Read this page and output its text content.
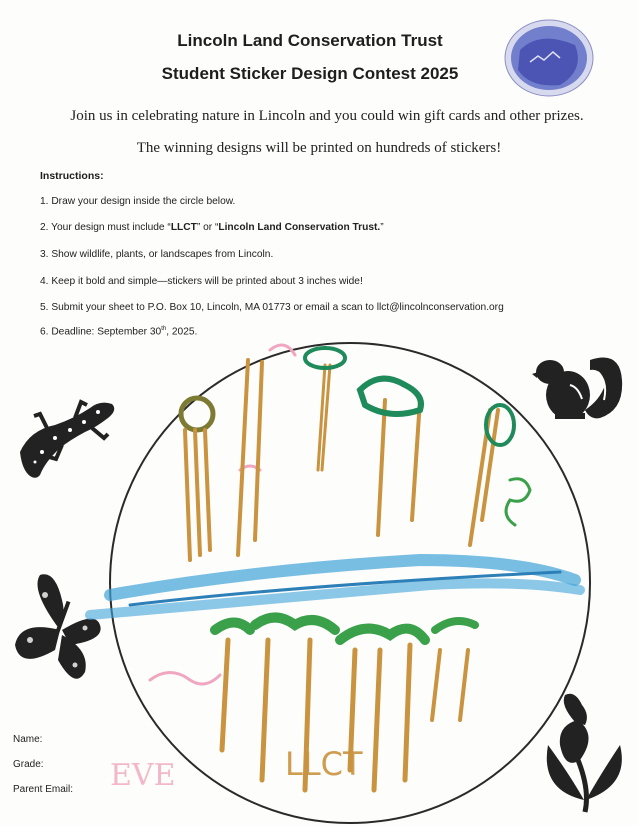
Lincoln Land Conservation Trust
Student Sticker Design Contest 2025
Join us in celebrating nature in Lincoln and you could win gift cards and other prizes.
The winning designs will be printed on hundreds of stickers!
Instructions:
1. Draw your design inside the circle below.
2. Your design must include “LLCT” or “Lincoln Land Conservation Trust.”
3. Show wildlife, plants, or landscapes from Lincoln.
4. Keep it bold and simple—stickers will be printed about 3 inches wide!
5. Submit your sheet to P.O. Box 10, Lincoln, MA 01773 or email a scan to llct@lincolnconservation.org
6. Deadline: September 30th, 2025.
EVE	LLCT
Name:
Grade:
Parent Email:
